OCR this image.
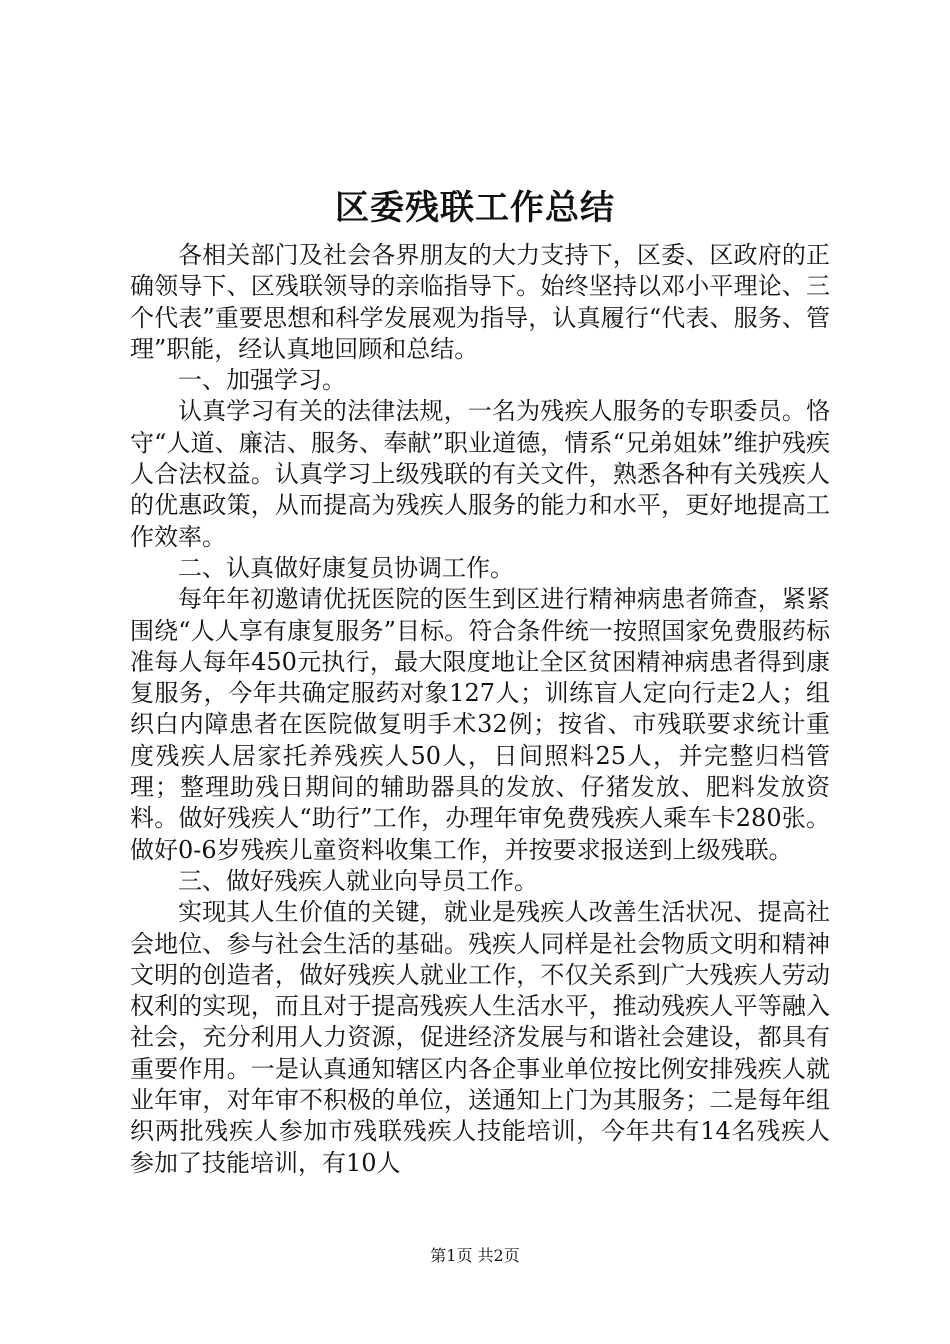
区委残联工作总结

各相关部门及社会各界朋友的大力支持下，区委、区政府的正确领导下、区残联领导的亲临指导下。始终坚持以邓小平理论、三个代表”重要思想和科学发展观为指导，认真履行“代表、服务、管理”职能，经认真地回顾和总结。

一、加强学习。

认真学习有关的法律法规，一名为残疾人服务的专职委员。恪守“人道、廉洁、服务、奉献”职业道德，情系“兄弟姐妹”维护残疾人合法权益。认真学习上级残联的有关文件，熟悉各种有关残疾人的优惠政策，从而提高为残疾人服务的能力和水平，更好地提高工作效率。

二、认真做好康复员协调工作。

每年年初邀请优抚医院的医生到区进行精神病患者筛查，紧紧围绕“人人享有康复服务”目标。符合条件统一按照国家免费服药标准每人每年450元执行，最大限度地让全区贫困精神病患者得到康复服务，今年共确定服药对象127人；训练盲人定向行走2人；组织白内障患者在医院做复明手术32例；按省、市残联要求统计重度残疾人居家托养残疾人50人，日间照料25人，并完整归档管理；整理助残日期间的辅助器具的发放、仔猪发放、肥料发放资料。做好残疾人“助行”工作，办理年审免费残疾人乘车卡280张。做好0-6岁残疾儿童资料收集工作，并按要求报送到上级残联。

三、做好残疾人就业向导员工作。

实现其人生价值的关键，就业是残疾人改善生活状况、提高社会地位、参与社会生活的基础。残疾人同样是社会物质文明和精神文明的创造者，做好残疾人就业工作，不仅关系到广大残疾人劳动权利的实现，而且对于提高残疾人生活水平，推动残疾人平等融入社会，充分利用人力资源，促进经济发展与和谐社会建设，都具有重要作用。一是认真通知辖区内各企事业单位按比例安排残疾人就业年审，对年审不积极的单位，送通知上门为其服务；二是每年组织两批残疾人参加市残联残疾人技能培训，今年共有14名残疾人参加了技能培训，有10人

第1页 共2页
